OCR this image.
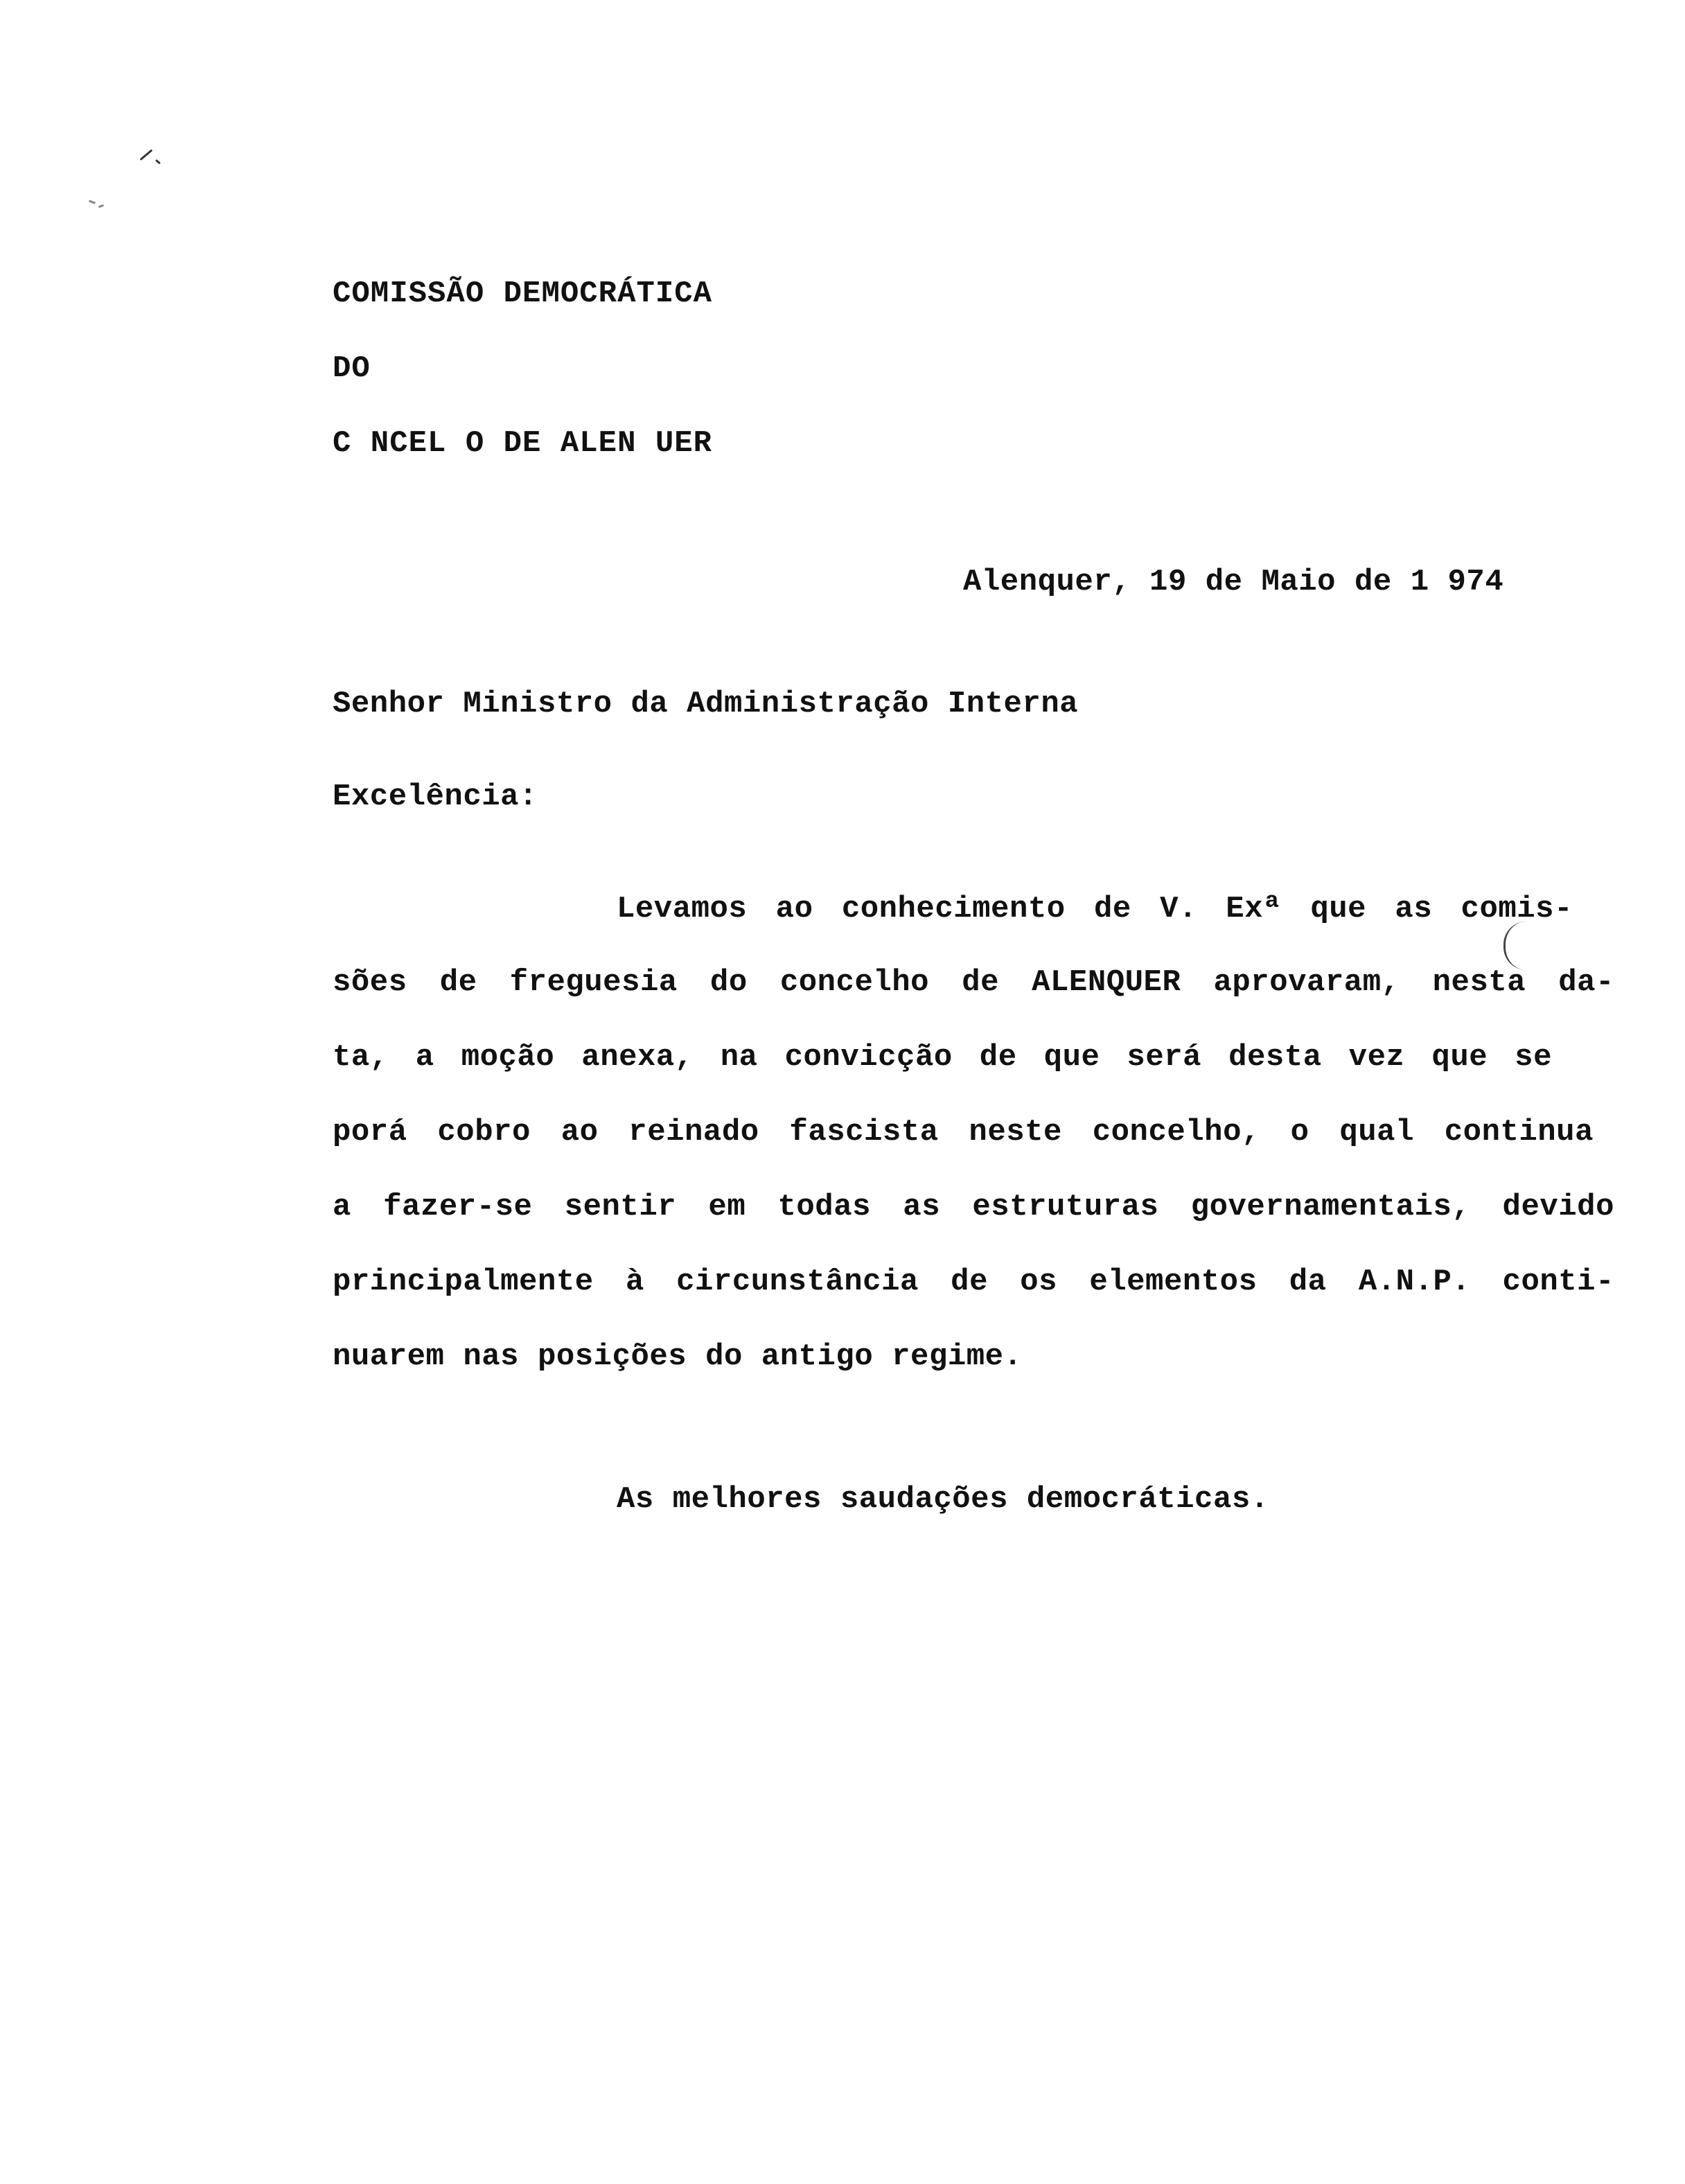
COMISSÃO DEMOCRÁTICA
DO
C NCEL O DE ALEN UER
Alenquer, 19 de Maio de 1 974
Senhor Ministro da Administração Interna
Excelência:
Levamos ao conhecimento de V. Exª que as comis-
sões de freguesia do concelho de ALENQUER aprovaram, nesta da-
ta, a moção anexa, na convicção de que será desta vez que se
porá cobro ao reinado fascista neste concelho, o qual continua
a fazer-se sentir em todas as estruturas governamentais, devido
principalmente à circunstância de os elementos da A.N.P. conti-
nuarem nas posições do antigo regime.
As melhores saudações democráticas.
